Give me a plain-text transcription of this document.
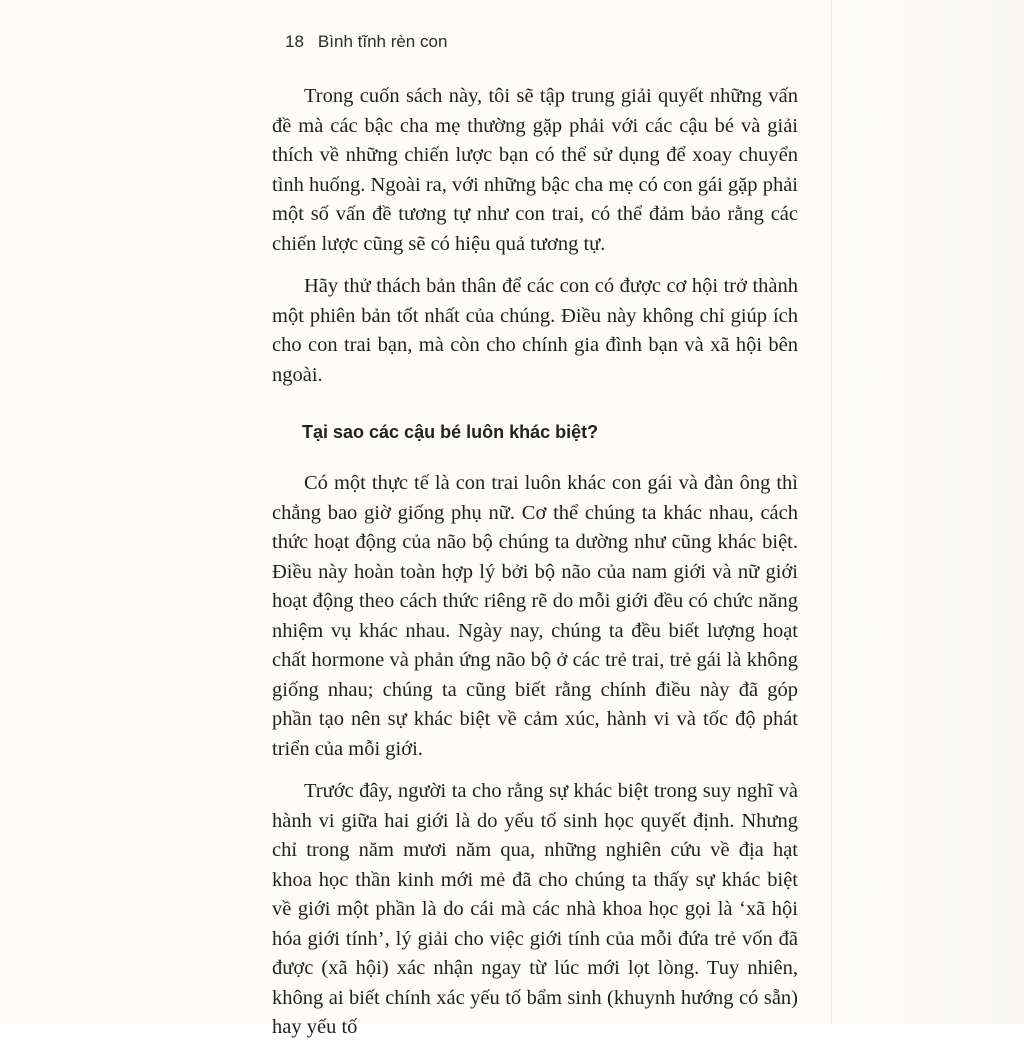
18 Bình tĩnh rèn con

Trong cuốn sách này, tôi sẽ tập trung giải quyết những vấn đề mà các bậc cha mẹ thường gặp phải với các cậu bé và giải thích về những chiến lược bạn có thể sử dụng để xoay chuyển tình huống. Ngoài ra, với những bậc cha mẹ có con gái gặp phải một số vấn đề tương tự như con trai, có thể đảm bảo rằng các chiến lược cũng sẽ có hiệu quả tương tự.

Hãy thử thách bản thân để các con có được cơ hội trở thành một phiên bản tốt nhất của chúng. Điều này không chỉ giúp ích cho con trai bạn, mà còn cho chính gia đình bạn và xã hội bên ngoài.

Tại sao các cậu bé luôn khác biệt?

Có một thực tế là con trai luôn khác con gái và đàn ông thì chẳng bao giờ giống phụ nữ. Cơ thể chúng ta khác nhau, cách thức hoạt động của não bộ chúng ta dường như cũng khác biệt. Điều này hoàn toàn hợp lý bởi bộ não của nam giới và nữ giới hoạt động theo cách thức riêng rẽ do mỗi giới đều có chức năng nhiệm vụ khác nhau. Ngày nay, chúng ta đều biết lượng hoạt chất hormone và phản ứng não bộ ở các trẻ trai, trẻ gái là không giống nhau; chúng ta cũng biết rằng chính điều này đã góp phần tạo nên sự khác biệt về cảm xúc, hành vi và tốc độ phát triển của mỗi giới.

Trước đây, người ta cho rằng sự khác biệt trong suy nghĩ và hành vi giữa hai giới là do yếu tố sinh học quyết định. Nhưng chỉ trong năm mươi năm qua, những nghiên cứu về địa hạt khoa học thần kinh mới mẻ đã cho chúng ta thấy sự khác biệt về giới một phần là do cái mà các nhà khoa học gọi là ‘xã hội hóa giới tính’, lý giải cho việc giới tính của mỗi đứa trẻ vốn đã được (xã hội) xác nhận ngay từ lúc mới lọt lòng. Tuy nhiên, không ai biết chính xác yếu tố bẩm sinh (khuynh hướng có sẵn) hay yếu tố
